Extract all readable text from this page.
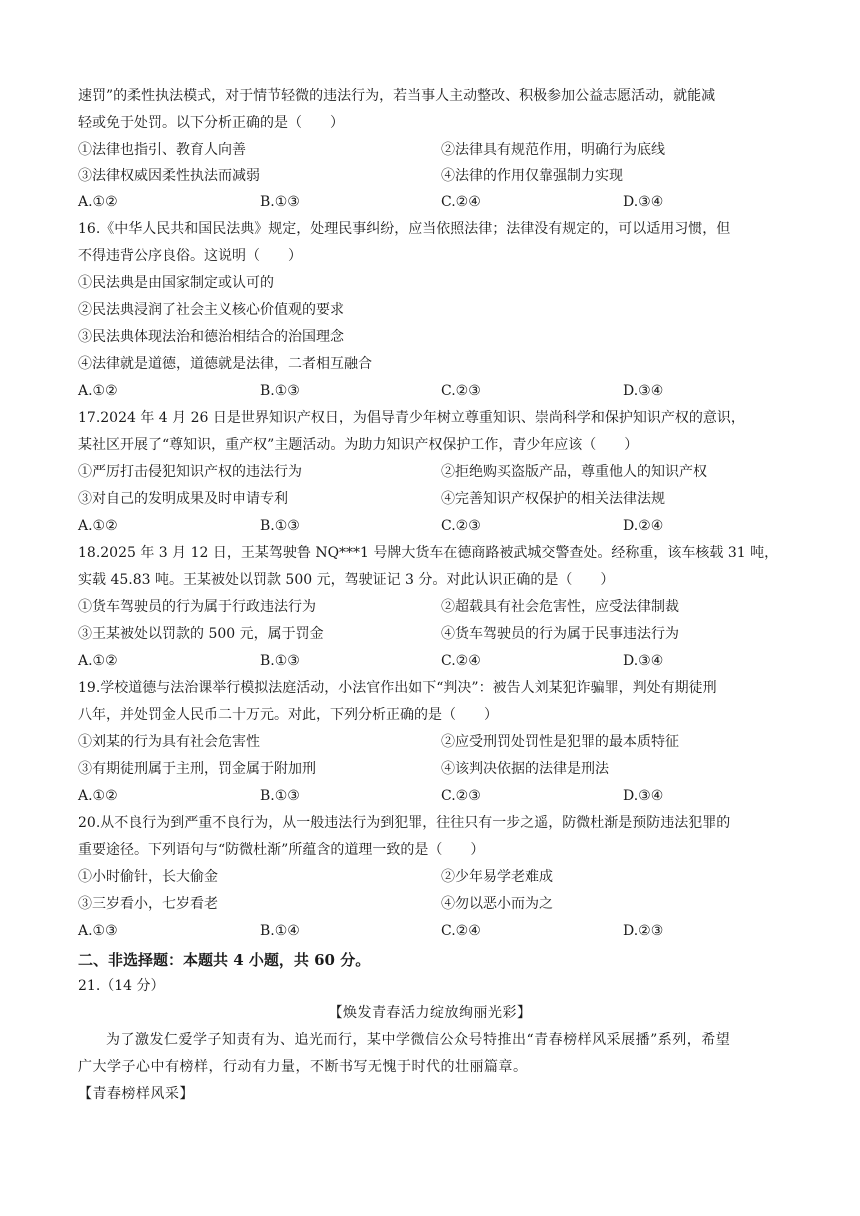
速罚”的柔性执法模式，对于情节轻微的违法行为，若当事人主动整改、积极参加公益志愿活动，就能减
轻或免于处罚。以下分析正确的是（　　）
①法律也指引、教育人向善	②法律具有规范作用，明确行为底线
③法律权威因柔性执法而减弱	④法律的作用仅靠强制力实现
A.①②	B.①③	C.②④	D.③④
16.《中华人民共和国民法典》规定，处理民事纠纷，应当依照法律；法律没有规定的，可以适用习惯，但
不得违背公序良俗。这说明（　　）
①民法典是由国家制定或认可的
②民法典浸润了社会主义核心价值观的要求
③民法典体现法治和德治相结合的治国理念
④法律就是道德，道德就是法律，二者相互融合
A.①②	B.①③	C.②③	D.③④
17.2024 年 4 月 26 日是世界知识产权日，为倡导青少年树立尊重知识、崇尚科学和保护知识产权的意识，
某社区开展了“尊知识，重产权”主题活动。为助力知识产权保护工作，青少年应该（　　）
①严厉打击侵犯知识产权的违法行为	②拒绝购买盗版产品，尊重他人的知识产权
③对自己的发明成果及时申请专利	④完善知识产权保护的相关法律法规
A.①②	B.①③	C.②③	D.②④
18.2025 年 3 月 12 日，王某驾驶鲁 NQ***1 号牌大货车在德商路被武城交警查处。经称重，该车核载 31 吨，
实载 45.83 吨。王某被处以罚款 500 元，驾驶证记 3 分。对此认识正确的是（　　）
①货车驾驶员的行为属于行政违法行为	②超载具有社会危害性，应受法律制裁
③王某被处以罚款的 500 元，属于罚金	④货车驾驶员的行为属于民事违法行为
A.①②	B.①③	C.②④	D.③④
19.学校道德与法治课举行模拟法庭活动，小法官作出如下“判决”：被告人刘某犯诈骗罪，判处有期徒刑
八年，并处罚金人民币二十万元。对此，下列分析正确的是（　　）
①刘某的行为具有社会危害性	②应受刑罚处罚性是犯罪的最本质特征
③有期徒刑属于主刑，罚金属于附加刑	④该判决依据的法律是刑法
A.①②	B.①③	C.②③	D.③④
20.从不良行为到严重不良行为，从一般违法行为到犯罪，往往只有一步之遥，防微杜渐是预防违法犯罪的
重要途径。下列语句与“防微杜渐”所蕴含的道理一致的是（　　）
①小时偷针，长大偷金	②少年易学老难成
③三岁看小，七岁看老	④勿以恶小而为之
A.①③	B.①④	C.②④	D.②③
二、非选择题：本题共 4 小题，共 60 分。
21.（14 分）
【焕发青春活力绽放绚丽光彩】
为了激发仁爱学子知责有为、追光而行，某中学微信公众号特推出“青春榜样风采展播”系列，希望
广大学子心中有榜样，行动有力量，不断书写无愧于时代的壮丽篇章。
【青春榜样风采】
